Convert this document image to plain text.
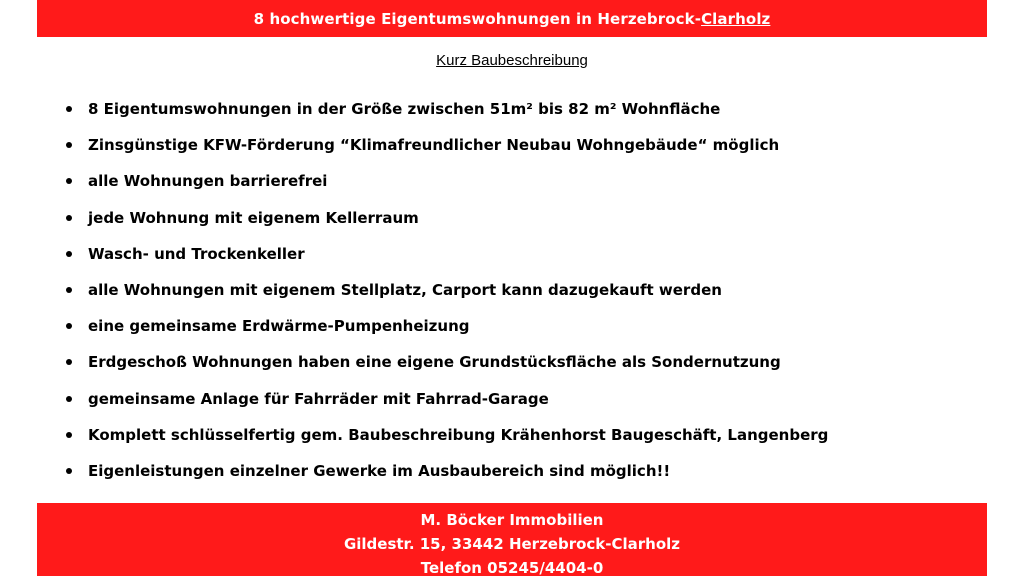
8 hochwertige Eigentumswohnungen in Herzebrock-Clarholz
Kurz Baubeschreibung
8 Eigentumswohnungen in der Größe zwischen 51m² bis 82 m² Wohnfläche
Zinsgünstige KFW-Förderung “Klimafreundlicher Neubau Wohngebäude“ möglich
alle Wohnungen barrierefrei
jede Wohnung mit eigenem Kellerraum
Wasch- und Trockenkeller
alle Wohnungen mit eigenem Stellplatz, Carport kann dazugekauft werden
eine gemeinsame Erdwärme-Pumpenheizung
Erdgeschoß Wohnungen haben eine eigene Grundstücksfläche als Sondernutzung
gemeinsame Anlage für Fahrräder mit Fahrrad-Garage
Komplett schlüsselfertig gem. Baubeschreibung Krähenhorst Baugeschäft, Langenberg
Eigenleistungen einzelner Gewerke im Ausbaubereich sind möglich!!
M. Böcker Immobilien
Gildestr. 15, 33442 Herzebrock-Clarholz
Telefon 05245/4404-0
